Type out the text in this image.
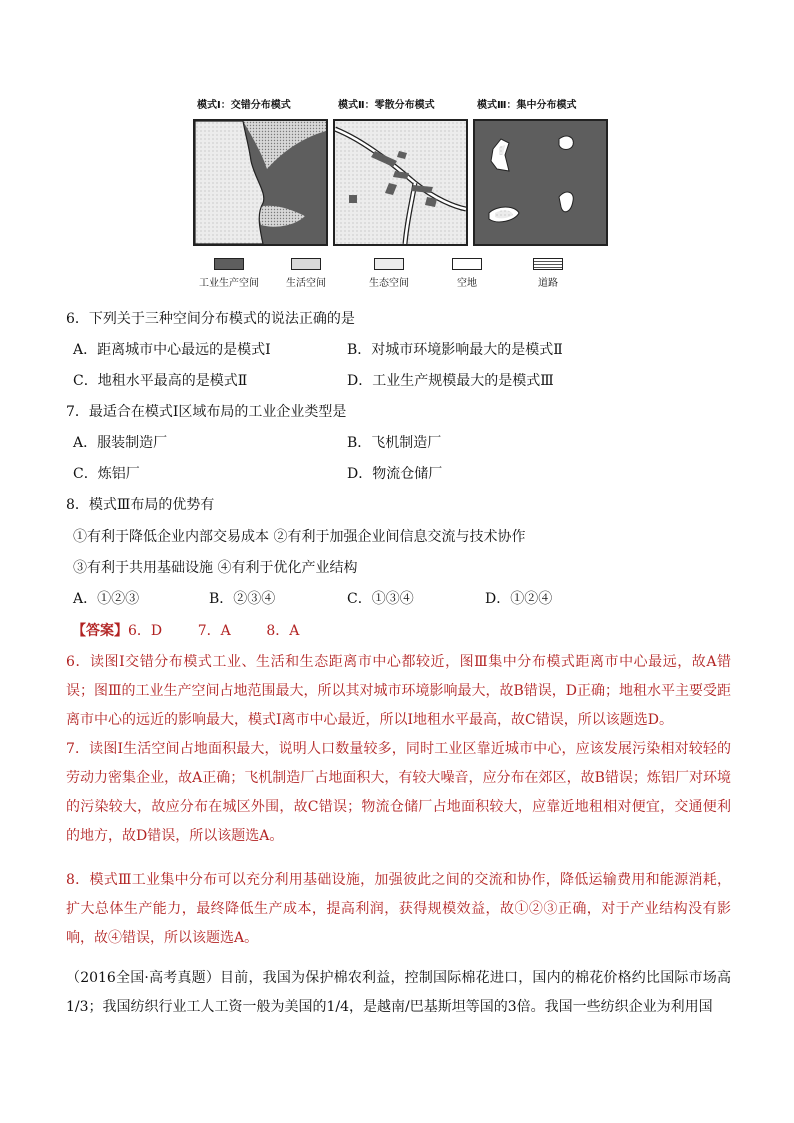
模式Ⅰ：交错分布模式	模式Ⅱ：零散分布模式	模式Ⅲ：集中分布模式
工业生产空间	生活空间	生态空间	空地	道路
6．下列关于三种空间分布模式的说法正确的是
A．距离城市中心最远的是模式Ⅰ	B．对城市环境影响最大的是模式Ⅱ
C．地租水平最高的是模式Ⅱ	D．工业生产规模最大的是模式Ⅲ
7．最适合在模式Ⅰ区域布局的工业企业类型是
A．服装制造厂	B．飞机制造厂
C．炼铝厂	D．物流仓储厂
8．模式Ⅲ布局的优势有
①有利于降低企业内部交易成本 ②有利于加强企业间信息交流与技术协作
③有利于共用基础设施 ④有利于优化产业结构
A．①②③	B．②③④	C．①③④	D．①②④
【答案】6．D        7．A        8．A
6．读图Ⅰ交错分布模式工业、生活和生态距离市中心都较近，图Ⅲ集中分布模式距离市中心最远，故A错误；图Ⅲ的工业生产空间占地范围最大，所以其对城市环境影响最大，故B错误，D正确；地租水平主要受距离市中心的远近的影响最大，模式Ⅰ离市中心最近，所以Ⅰ地租水平最高，故C错误，所以该题选D。
7．读图Ⅰ生活空间占地面积最大，说明人口数量较多，同时工业区靠近城市中心，应该发展污染相对较轻的劳动力密集企业，故A正确；飞机制造厂占地面积大，有较大噪音，应分布在郊区，故B错误；炼铝厂对环境的污染较大，故应分布在城区外围，故C错误；物流仓储厂占地面积较大，应靠近地租相对便宜，交通便利的地方，故D错误，所以该题选A。
8．模式Ⅲ工业集中分布可以充分利用基础设施，加强彼此之间的交流和协作，降低运输费用和能源消耗，扩大总体生产能力，最终降低生产成本，提高利润，获得规模效益，故①②③正确，对于产业结构没有影响，故④错误，所以该题选A。
（2016全国·高考真题）目前，我国为保护棉农利益，控制国际棉花进口，国内的棉花价格约比国际市场高1/3；我国纺织行业工人工资一般为美国的1/4，是越南/巴基斯坦等国的3倍。我国一些纺织企业为利用国
